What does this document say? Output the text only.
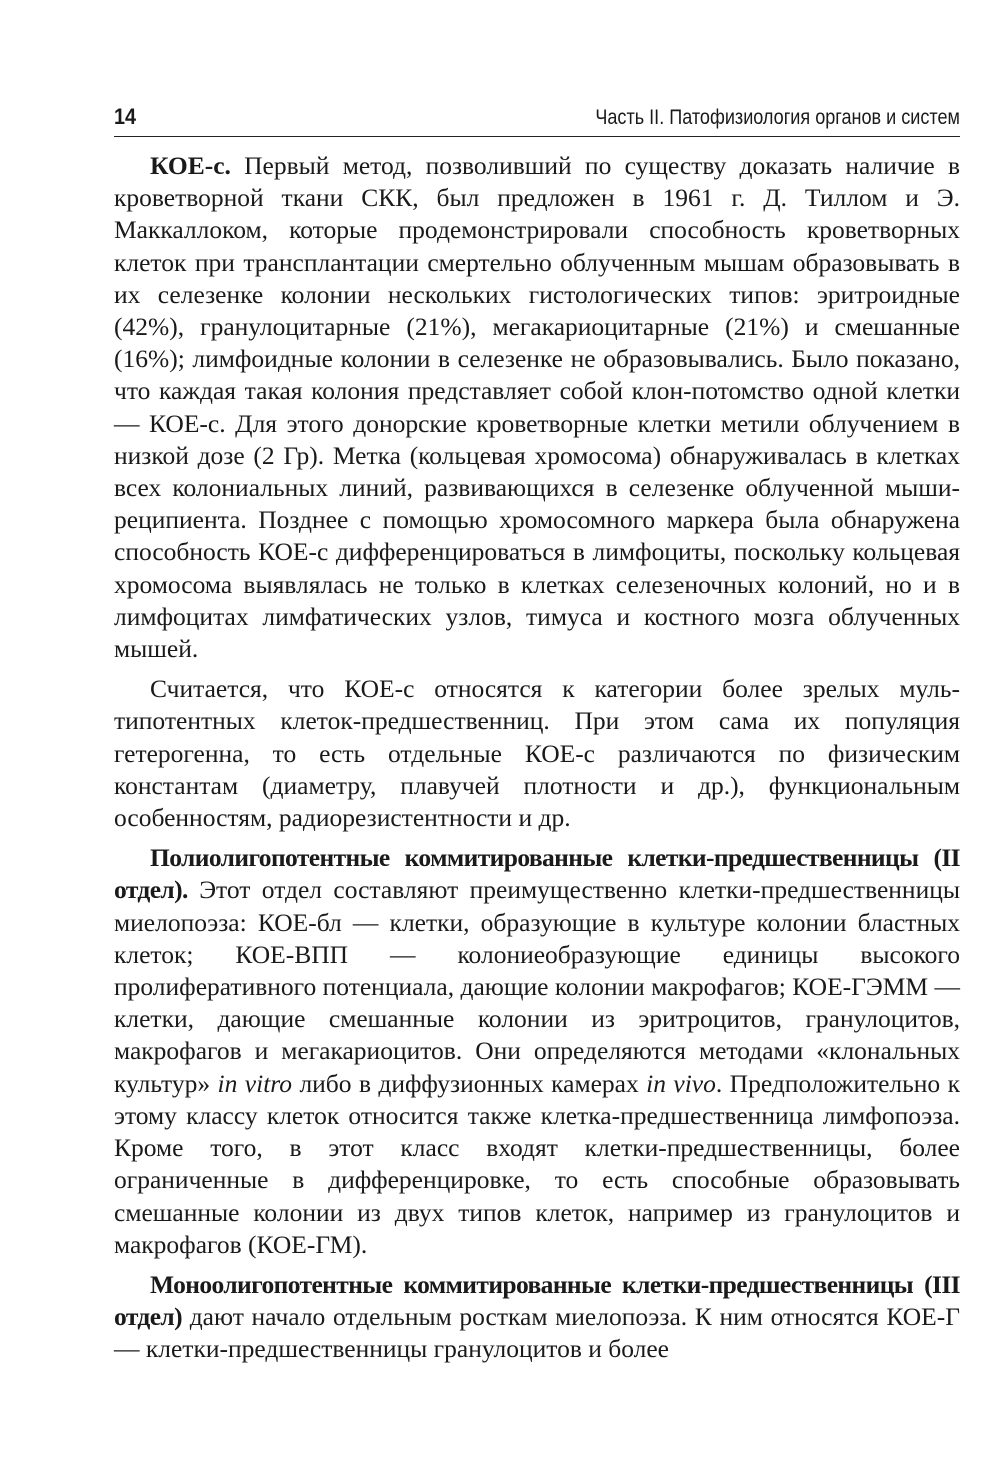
14	Часть II. Патофизиология органов и систем

КОЕ-с. Первый метод, позволивший по существу доказать наличие в кроветворной ткани СКК, был предложен в 1961 г. Д. Тиллом и Э. Маккаллоком, которые продемонстрировали способность кроветворных клеток при трансплантации смертельно облученным мышам образовывать в их селезенке колонии нескольких гистологических типов: эритроидные (42%), гранулоцитарные (21%), мегакариоцитарные (21%) и смешанные (16%); лимфоидные колонии в селезенке не образовывались. Было показано, что каждая такая колония представляет собой клон-потомство одной клетки — КОЕ-с. Для этого донорские кроветворные клетки метили облучением в низкой дозе (2 Гр). Метка (кольцевая хромосома) обнаруживалась в клетках всех колониальных линий, развивающихся в селезенке облученной мыши-реципиента. Позднее с помощью хромосомного маркера была обнаружена способность КОЕ-с дифференцироваться в лимфоциты, поскольку кольцевая хромосома выявлялась не только в клетках селезеночных колоний, но и в лимфоцитах лимфатических узлов, тимуса и костного мозга облученных мышей.

Считается, что КОЕ-с относятся к категории более зрелых мультипотентных клеток-предшественниц. При этом сама их популяция гетерогенна, то есть отдельные КОЕ-с различаются по физическим константам (диаметру, плавучей плотности и др.), функциональным особенностям, радиорезистентности и др.

Полиолигопотентные коммитированные клетки-предшественницы (II отдел). Этот отдел составляют преимущественно клетки-предшественницы миелопоэза: КОЕ-бл — клетки, образующие в культуре колонии бластных клеток; КОЕ-ВПП — колониеобразующие единицы высокого пролиферативного потенциала, дающие колонии макрофагов; КОЕ-ГЭММ — клетки, дающие смешанные колонии из эритроцитов, гранулоцитов, макрофагов и мегакариоцитов. Они определяются методами «клональных культур» in vitro либо в диффузионных камерах in vivo. Предположительно к этому классу клеток относится также клетка-предшественница лимфопоэза. Кроме того, в этот класс входят клетки-предшественницы, более ограниченные в дифференцировке, то есть способные образовывать смешанные колонии из двух типов клеток, например из гранулоцитов и макрофагов (КОЕ-ГМ).

Моноолигопотентные коммитированные клетки-предшественницы (III отдел) дают начало отдельным росткам миелопоэза. К ним относятся КОЕ-Г — клетки-предшественницы гранулоцитов и более
